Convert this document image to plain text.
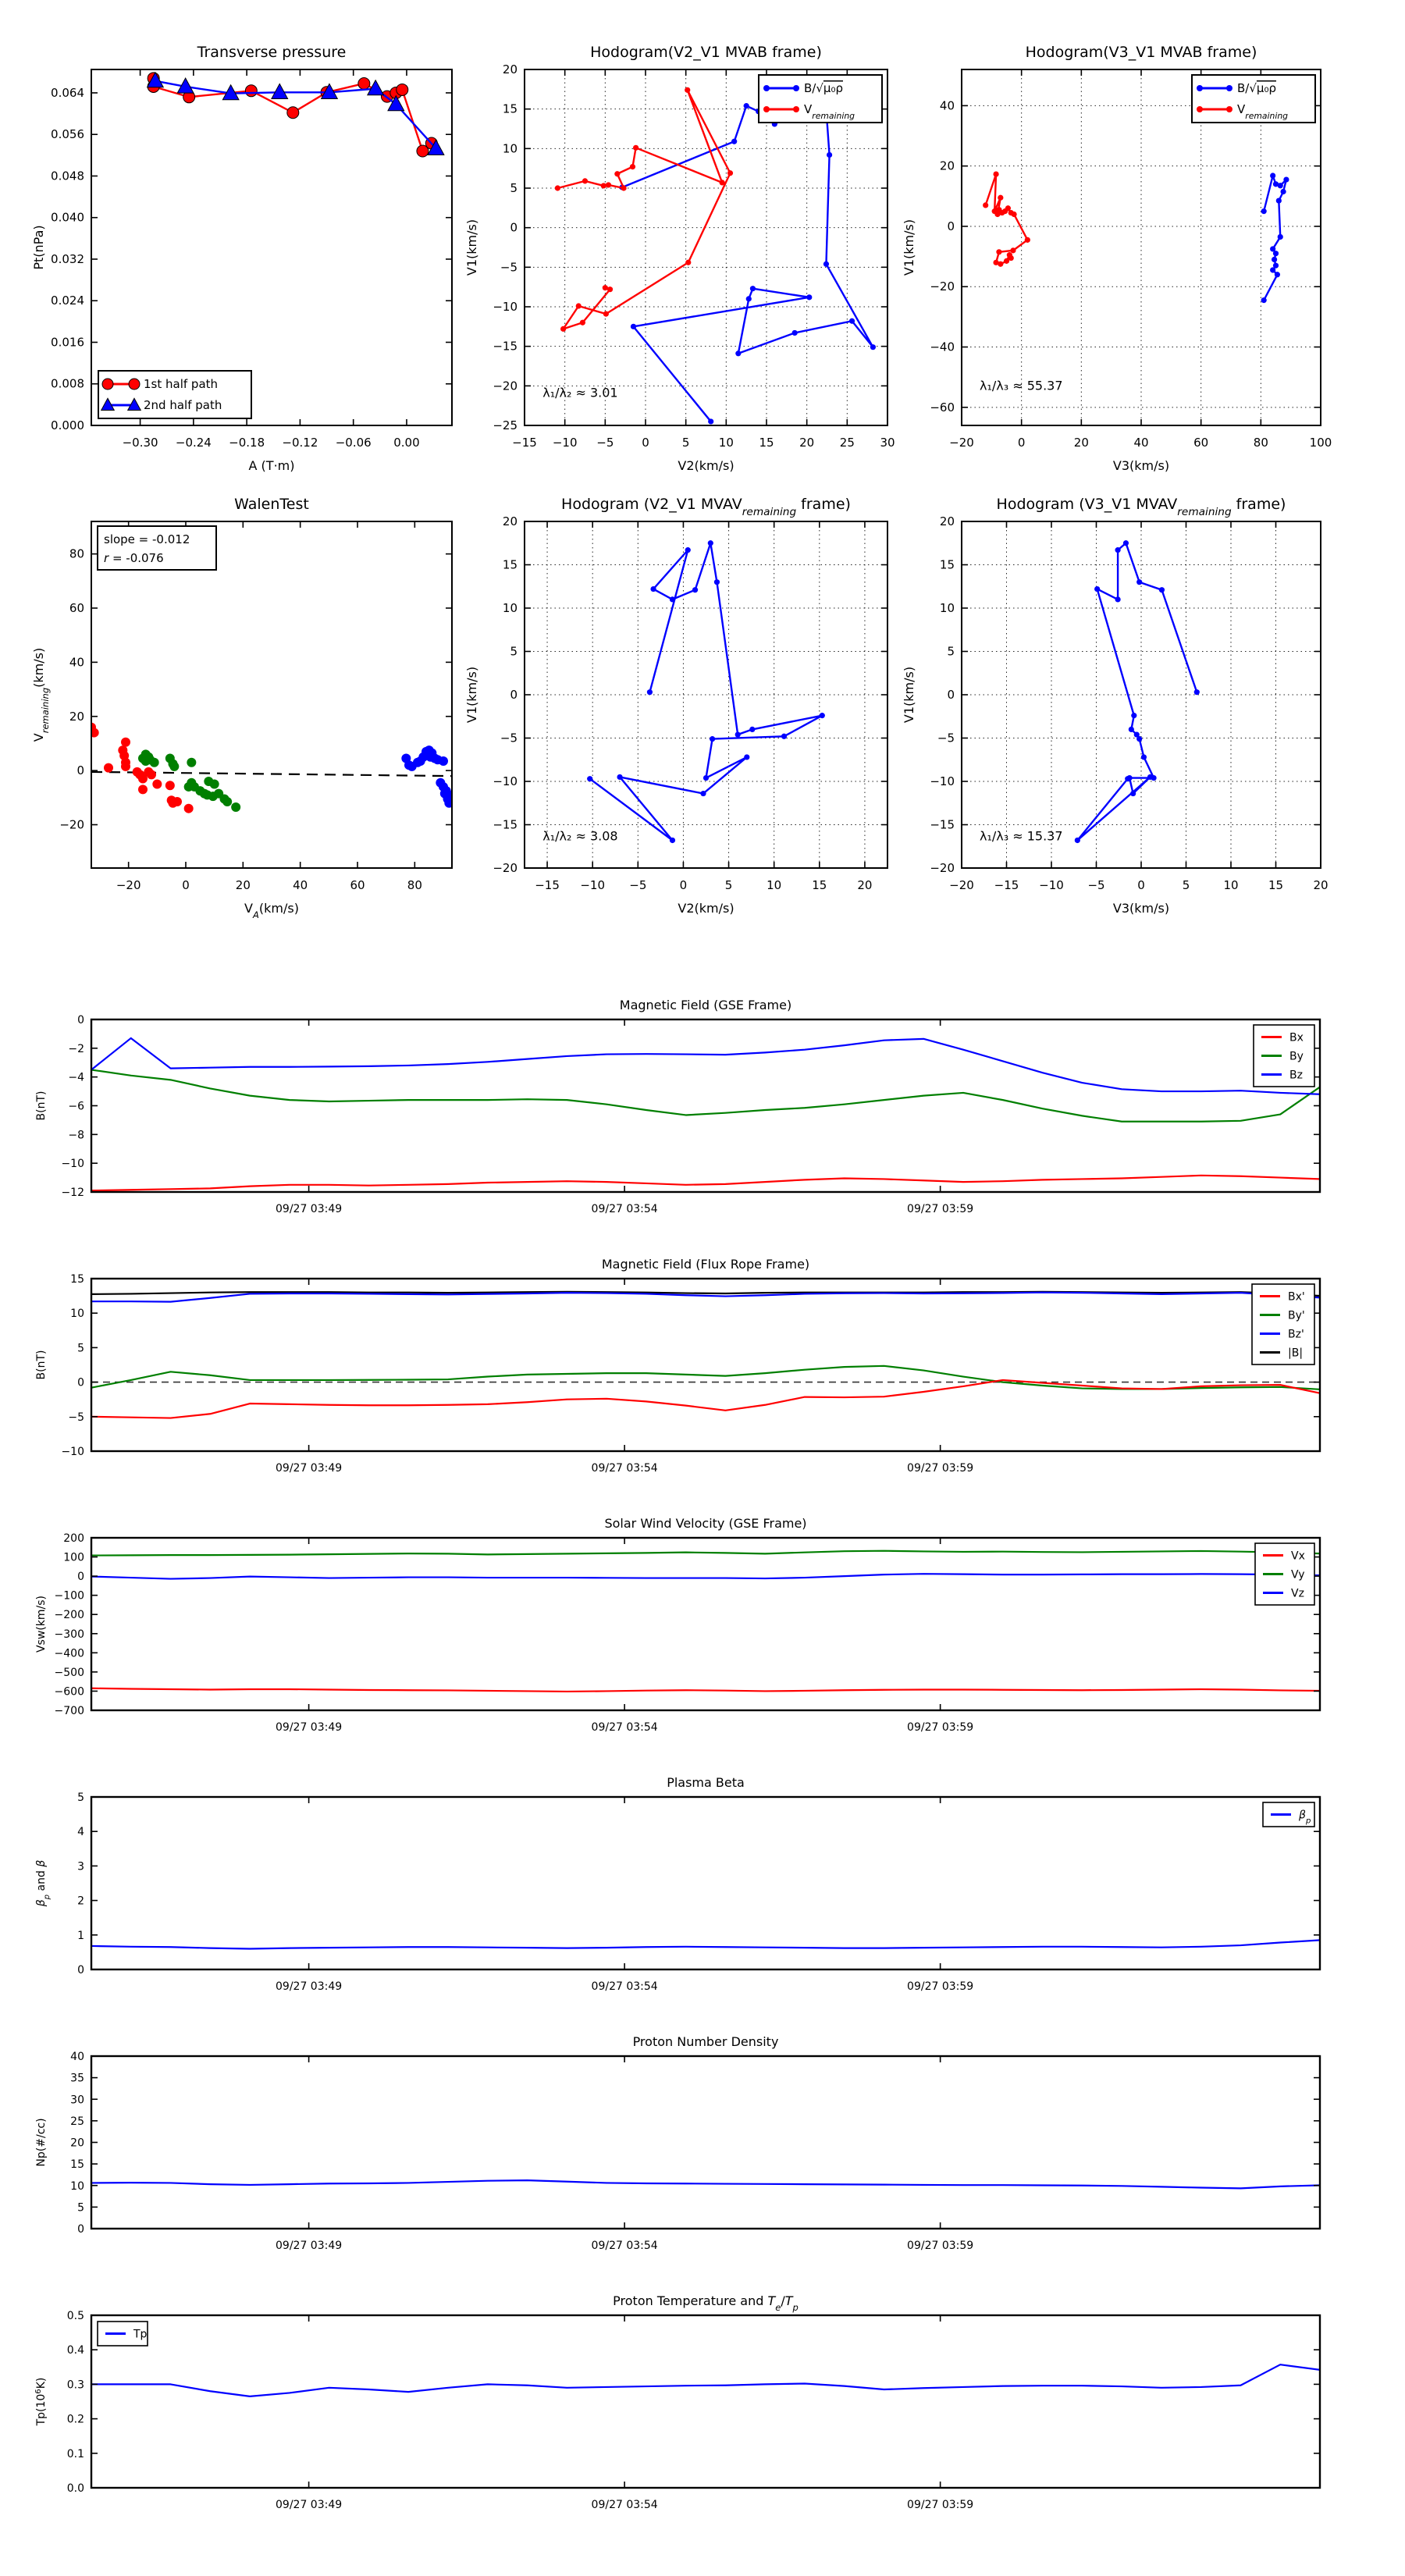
−0.30 −0.24 −0.18 −0.12 −0.06 0.00
0.000
0.008
0.016
0.024
0.032
0.040
0.048
0.056
0.064
Transverse pressure
A (T·m)
Pt(nPa)
1st half path
2nd half path
−15 −10 −5 0	5 10 15 20 25 30
−25
−20
−15
−10
−5
0
5
10
15
20
Hodogram(V2_V1 MVAB frame)
V2(km/s)
V1(km/s)
λ₁/λ₂ ≈ 3.01
B/√μ₀ρ
$V_{remaining}$
−20	0	20	40	60	80	100
−60
−40
−20
0
20
40
Hodogram(V3_V1 MVAB frame)
V3(km/s)
V1(km/s)
λ₁/λ₃ ≈ 55.37
B/√μ₀ρ
$V_{remaining}$
−20	0	20	40	60	80
−20
0
20
40
60
80
WalenTest
$V_A(km/s)$
$V_{remaining}(km/s)$
slope = -0.012
r = -0.076
−15 −10 −5	0	5	10	15	20
−20
−15
−10
−5
0
5
10
15
20
Hodogram (V2_V1 $MVAV_{remaining}$ frame)
V2(km/s)
V1(km/s)
λ₁/λ₂ ≈ 3.08
−20 −15 −10 −5	0	5	10	15	20
−20
−15
−10
−5
0
5
10
15
20
Hodogram (V3_V1 $MVAV_{remaining}$ frame)
V3(km/s)
V1(km/s)
λ₁/λ₃ ≈ 15.37
09/27 03:49	09/27 03:54	09/27 03:59
−12
−10
−8
−6
−4
−2
0
Magnetic Field (GSE Frame)
B(nT)
Bx
By
Bz
09/27 03:49	09/27 03:54	09/27 03:59
−10
−5
0
5
10
15
Magnetic Field (Flux Rope Frame)
B(nT)
Bx'
By'
Bz'
|B|
09/27 03:49	09/27 03:54	09/27 03:59
−700
−600
−500
−400
−300
−200
−100
0
100
200
Solar Wind Velocity (GSE Frame)
Vsw(km/s)
Vx
Vy
Vz
09/27 03:49	09/27 03:54	09/27 03:59
0
1
2
3
4
5
Plasma Beta
$\beta_p$ and β
$\beta_p$
09/27 03:49	09/27 03:54	09/27 03:59
0
5
10
15
20
25
30
35
40
Proton Number Density
Np(#/cc)
09/27 03:49	09/27 03:54	09/27 03:59
0.0
0.1
0.2
0.3
0.4
0.5
Proton Temperature and $T_e/T_p$
$Tp(10^6K)$
Tp
